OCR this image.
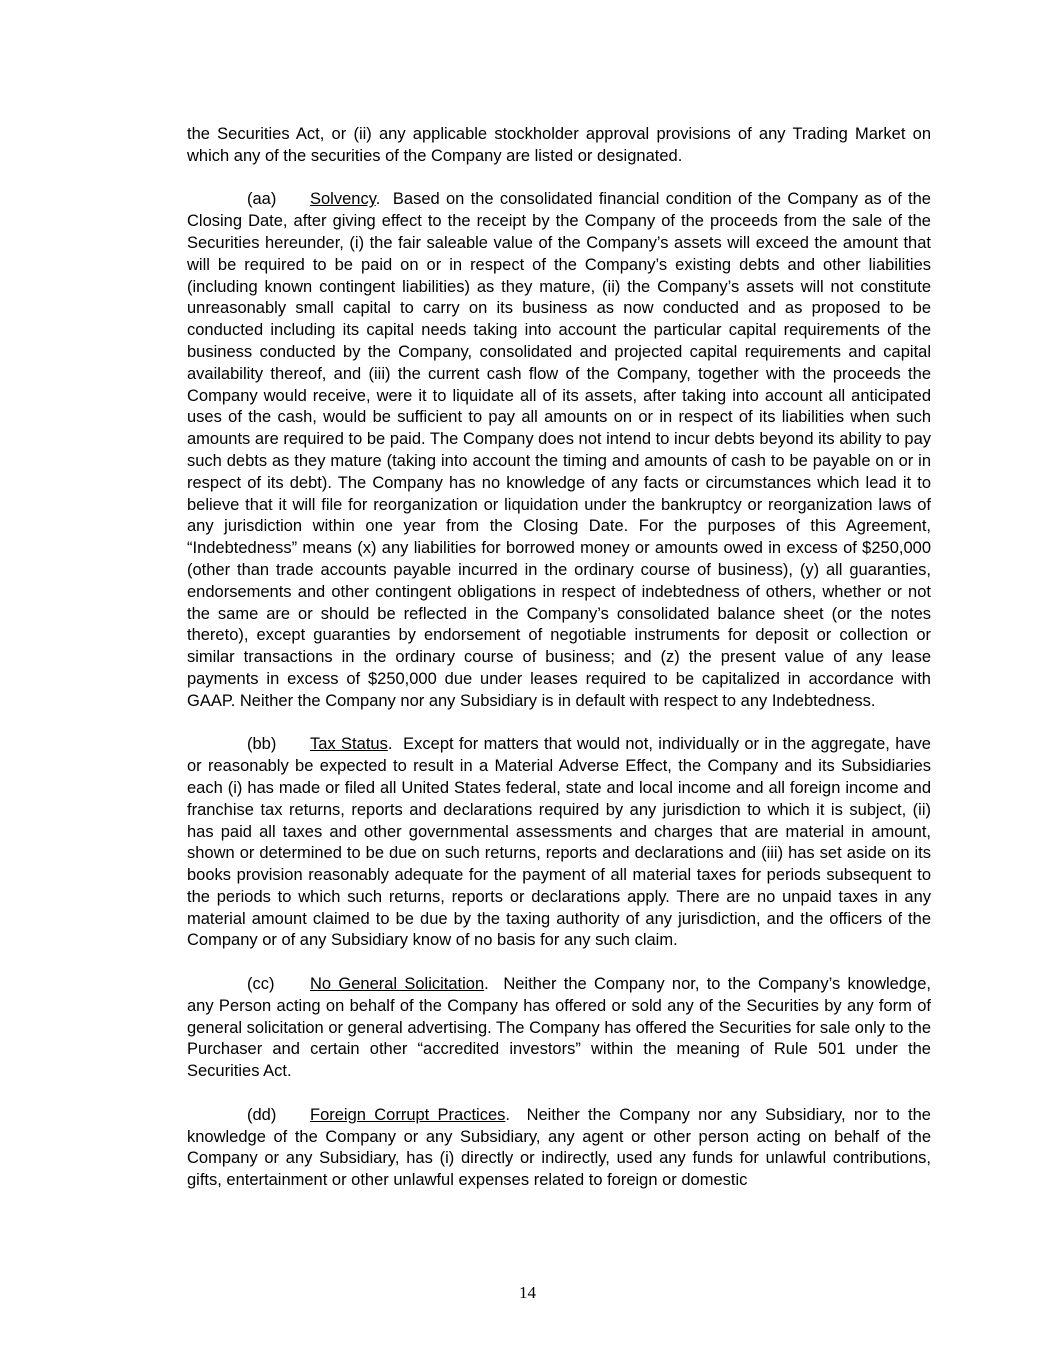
the Securities Act, or (ii) any applicable stockholder approval provisions of any Trading Market on which any of the securities of the Company are listed or designated.

(aa) Solvency.  Based on the consolidated financial condition of the Company as of the Closing Date, after giving effect to the receipt by the Company of the proceeds from the sale of the Securities hereunder, (i) the fair saleable value of the Company’s assets will exceed the amount that will be required to be paid on or in respect of the Company’s existing debts and other liabilities (including known contingent liabilities) as they mature, (ii) the Company’s assets will not constitute unreasonably small capital to carry on its business as now conducted and as proposed to be conducted including its capital needs taking into account the particular capital requirements of the business conducted by the Company, consolidated and projected capital requirements and capital availability thereof, and (iii) the current cash flow of the Company, together with the proceeds the Company would receive, were it to liquidate all of its assets, after taking into account all anticipated uses of the cash, would be sufficient to pay all amounts on or in respect of its liabilities when such amounts are required to be paid. The Company does not intend to incur debts beyond its ability to pay such debts as they mature (taking into account the timing and amounts of cash to be payable on or in respect of its debt). The Company has no knowledge of any facts or circumstances which lead it to believe that it will file for reorganization or liquidation under the bankruptcy or reorganization laws of any jurisdiction within one year from the Closing Date. For the purposes of this Agreement, “Indebtedness” means (x) any liabilities for borrowed money or amounts owed in excess of $250,000 (other than trade accounts payable incurred in the ordinary course of business), (y) all guaranties, endorsements and other contingent obligations in respect of indebtedness of others, whether or not the same are or should be reflected in the Company’s consolidated balance sheet (or the notes thereto), except guaranties by endorsement of negotiable instruments for deposit or collection or similar transactions in the ordinary course of business; and (z) the present value of any lease payments in excess of $250,000 due under leases required to be capitalized in accordance with GAAP. Neither the Company nor any Subsidiary is in default with respect to any Indebtedness.

(bb) Tax Status.  Except for matters that would not, individually or in the aggregate, have or reasonably be expected to result in a Material Adverse Effect, the Company and its Subsidiaries each (i) has made or filed all United States federal, state and local income and all foreign income and franchise tax returns, reports and declarations required by any jurisdiction to which it is subject, (ii) has paid all taxes and other governmental assessments and charges that are material in amount, shown or determined to be due on such returns, reports and declarations and (iii) has set aside on its books provision reasonably adequate for the payment of all material taxes for periods subsequent to the periods to which such returns, reports or declarations apply. There are no unpaid taxes in any material amount claimed to be due by the taxing authority of any jurisdiction, and the officers of the Company or of any Subsidiary know of no basis for any such claim.

(cc) No General Solicitation.  Neither the Company nor, to the Company’s knowledge, any Person acting on behalf of the Company has offered or sold any of the Securities by any form of general solicitation or general advertising. The Company has offered the Securities for sale only to the Purchaser and certain other “accredited investors” within the meaning of Rule 501 under the Securities Act.

(dd) Foreign Corrupt Practices.  Neither the Company nor any Subsidiary, nor to the knowledge of the Company or any Subsidiary, any agent or other person acting on behalf of the Company or any Subsidiary, has (i) directly or indirectly, used any funds for unlawful contributions, gifts, entertainment or other unlawful expenses related to foreign or domestic

14
